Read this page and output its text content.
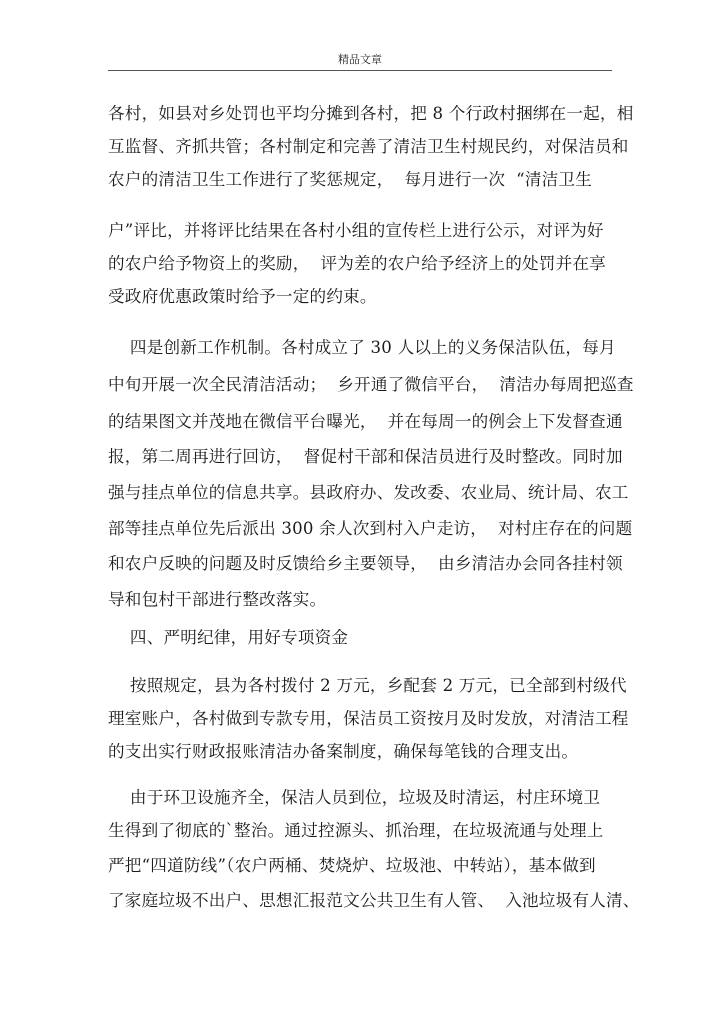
精品文章
各村，如县对乡处罚也平均分摊到各村，把 8 个行政村捆绑在一起，相
互监督、齐抓共管；各村制定和完善了清洁卫生村规民约，对保洁员和
农户的清洁卫生工作进行了奖惩规定，  每月进行一次  “清洁卫生
户”评比，并将评比结果在各村小组的宣传栏上进行公示，对评为好
的农户给予物资上的奖励，  评为差的农户给予经济上的处罚并在享
受政府优惠政策时给予一定的约束。
四是创新工作机制。各村成立了 30 人以上的义务保洁队伍，每月
中旬开展一次全民清洁活动；  乡开通了微信平台，  清洁办每周把巡查
的结果图文并茂地在微信平台曝光，  并在每周一的例会上下发督查通
报，第二周再进行回访，  督促村干部和保洁员进行及时整改。同时加
强与挂点单位的信息共享。县政府办、发改委、农业局、统计局、农工
部等挂点单位先后派出 300 余人次到村入户走访，  对村庄存在的问题
和农户反映的问题及时反馈给乡主要领导，  由乡清洁办会同各挂村领
导和包村干部进行整改落实。
四、严明纪律，用好专项资金
按照规定，县为各村拨付 2 万元，乡配套 2 万元，已全部到村级代
理室账户，各村做到专款专用，保洁员工资按月及时发放，对清洁工程
的支出实行财政报账清洁办备案制度，确保每笔钱的合理支出。
由于环卫设施齐全，保洁人员到位，垃圾及时清运，村庄环境卫
生得到了彻底的`整治。通过控源头、抓治理，在垃圾流通与处理上
严把“四道防线”（农户两桶、焚烧炉、垃圾池、中转站），基本做到
了家庭垃圾不出户、思想汇报范文公共卫生有人管、  入池垃圾有人清、
